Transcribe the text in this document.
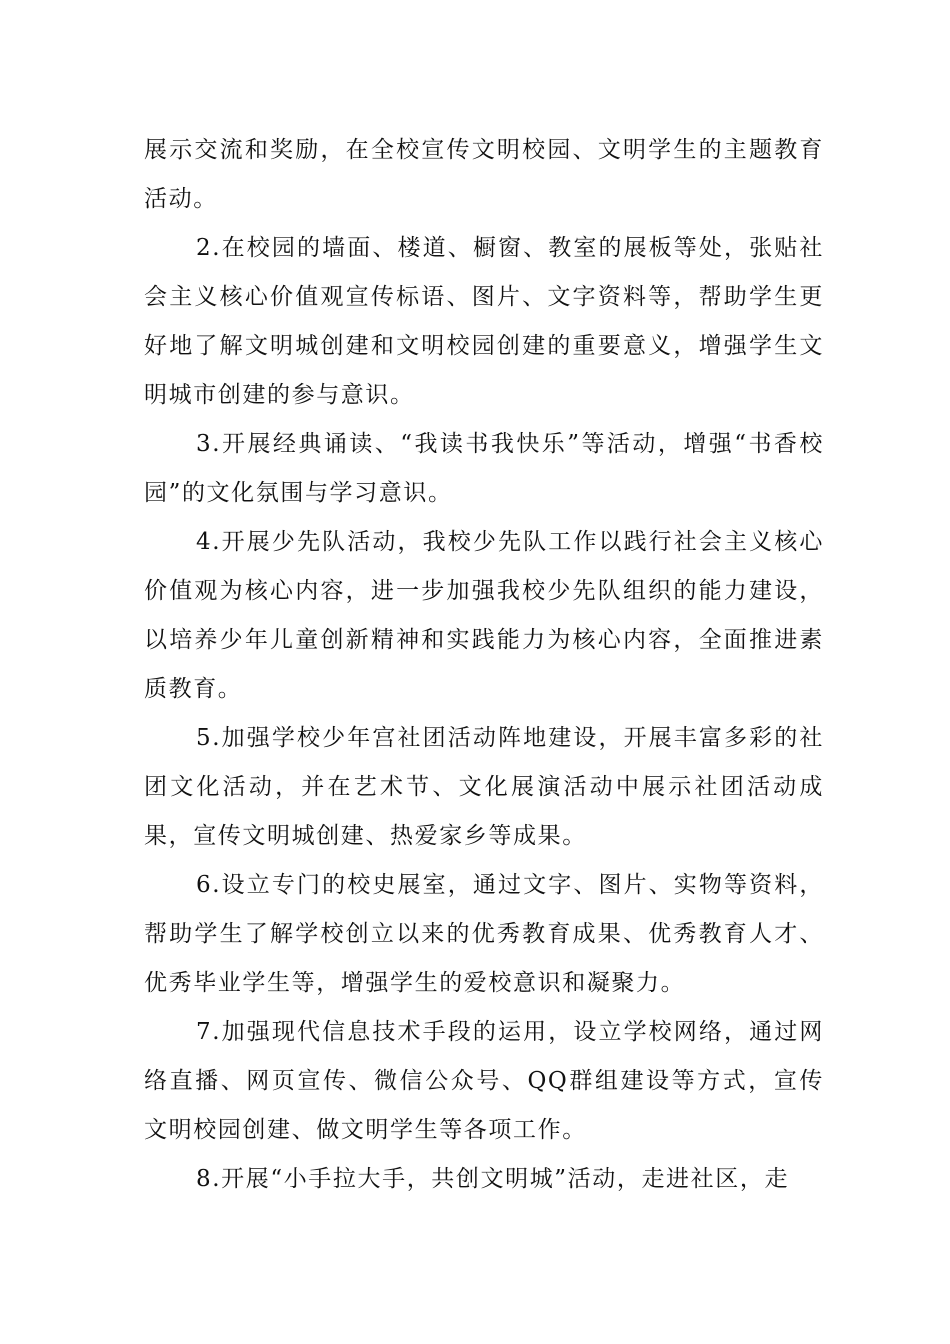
展示交流和奖励，在全校宣传文明校园、文明学生的主题教育活动。

2.在校园的墙面、楼道、橱窗、教室的展板等处，张贴社会主义核心价值观宣传标语、图片、文字资料等，帮助学生更好地了解文明城创建和文明校园创建的重要意义，增强学生文明城市创建的参与意识。

3.开展经典诵读、“我读书我快乐”等活动，增强“书香校园”的文化氛围与学习意识。

4.开展少先队活动，我校少先队工作以践行社会主义核心价值观为核心内容，进一步加强我校少先队组织的能力建设，以培养少年儿童创新精神和实践能力为核心内容，全面推进素质教育。

5.加强学校少年宫社团活动阵地建设，开展丰富多彩的社团文化活动，并在艺术节、文化展演活动中展示社团活动成果，宣传文明城创建、热爱家乡等成果。

6.设立专门的校史展室，通过文字、图片、实物等资料，帮助学生了解学校创立以来的优秀教育成果、优秀教育人才、优秀毕业学生等，增强学生的爱校意识和凝聚力。

7.加强现代信息技术手段的运用，设立学校网络，通过网络直播、网页宣传、微信公众号、QQ群组建设等方式，宣传文明校园创建、做文明学生等各项工作。

8.开展“小手拉大手，共创文明城”活动，走进社区，走
